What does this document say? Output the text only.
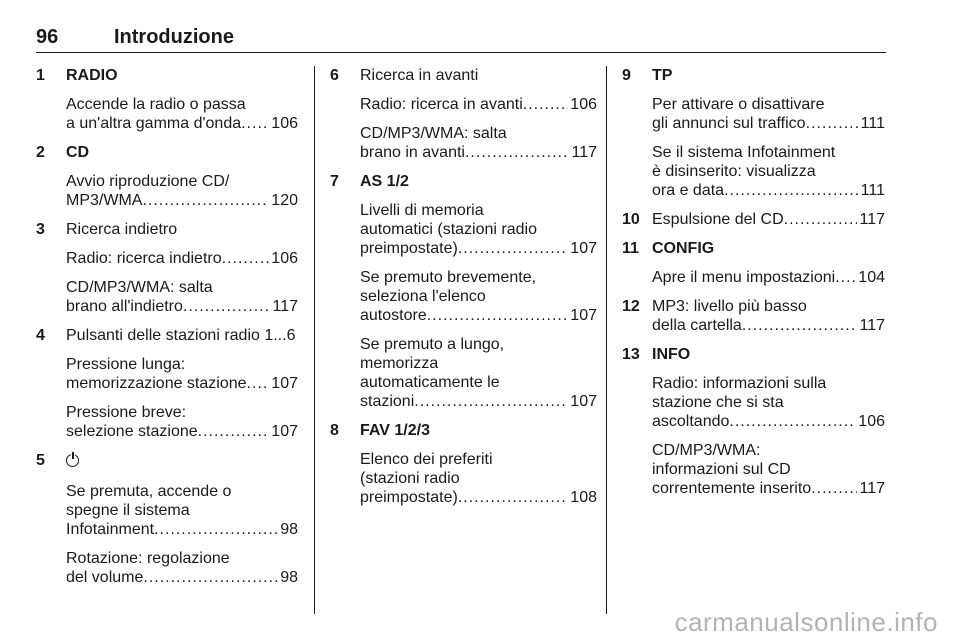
96	Introduzione
1 RADIO
Accende la radio o passa
a un'altra gamma d'onda ..... 106
2 CD
Avvio riproduzione CD/
MP3/WMA .....	120
3 Ricerca indietro
Radio: ricerca indietro .....	106
CD/MP3/WMA: salta
brano all'indietro .....	117
4 Pulsanti delle stazioni radio 1...6
Pressione lunga:
memorizzazione stazione ..... 107
Pressione breve:
selezione stazione .....	107
5
Se premuta, accende o
spegne il sistema
Infotainment .....	98
Rotazione: regolazione
del volume .....	98
6 Ricerca in avanti
Radio: ricerca in avanti .....	106
CD/MP3/WMA: salta
brano in avanti .....	117
7 AS 1/2
Livelli di memoria
automatici (stazioni radio
preimpostate) .....	107
Se premuto brevemente,
seleziona l'elenco
autostore .....	107
Se premuto a lungo,
memorizza
automaticamente le
stazioni .....	107
8 FAV 1/2/3
Elenco dei preferiti
(stazioni radio
preimpostate) .....	108
9 TP
Per attivare o disattivare
gli annunci sul traffico .....	111
Se il sistema Infotainment
è disinserito: visualizza
ora e data .....	111
10 Espulsione del CD .....	117
11 CONFIG
Apre il menu impostazioni ..... 104
12 MP3: livello più basso
della cartella .....	117
13 INFO
Radio: informazioni sulla
stazione che si sta
ascoltando .....	106
CD/MP3/WMA:
informazioni sul CD
correntemente inserito .....	117
carmanualsonline.info
